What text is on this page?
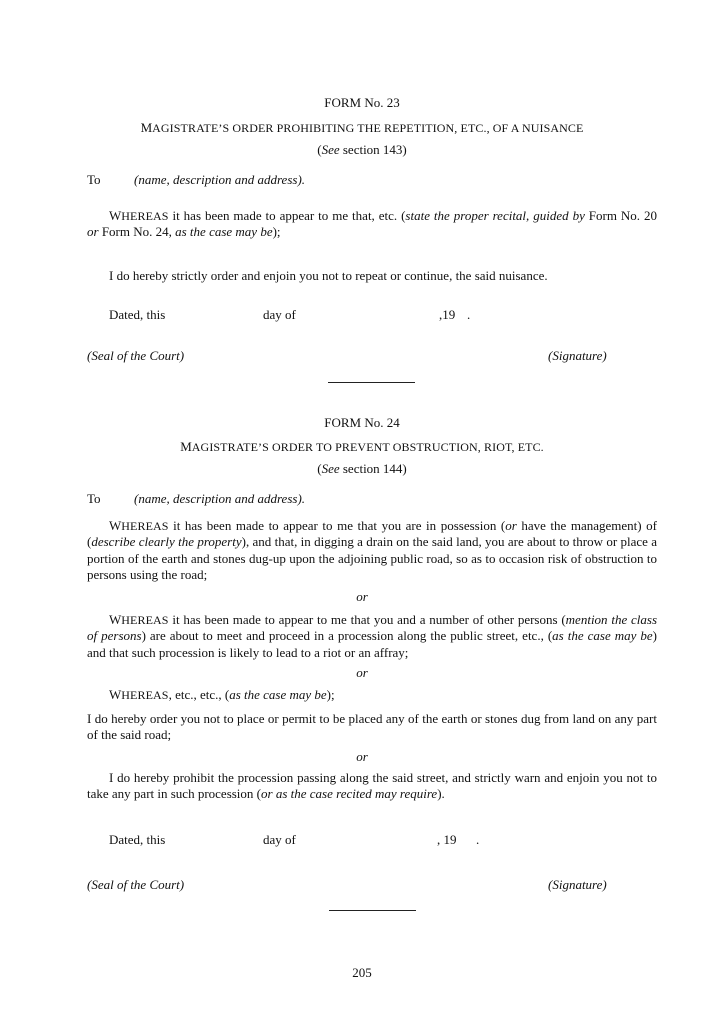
FORM No. 23
MAGISTRATE’S ORDER PROHIBITING THE REPETITION, ETC., OF A NUISANCE
(See section 143)
To	(name, description and address).
WHEREAS it has been made to appear to me that, etc. (state the proper recital, guided by Form No. 20 or Form No. 24, as the case may be);
I do hereby strictly order and enjoin you not to repeat or continue, the said nuisance.
Dated, this	day of	,19 .
(Seal of the Court)	(Signature)
FORM No. 24
MAGISTRATE’S ORDER TO PREVENT OBSTRUCTION, RIOT, ETC.
(See section 144)
To	(name, description and address).
WHEREAS it has been made to appear to me that you are in possession (or have the management) of (describe clearly the property), and that, in digging a drain on the said land, you are about to throw or place a portion of the earth and stones dug-up upon the adjoining public road, so as to occasion risk of obstruction to persons using the road;
or
WHEREAS it has been made to appear to me that you and a number of other persons (mention the class of persons) are about to meet and proceed in a procession along the public street, etc., (as the case may be) and that such procession is likely to lead to a riot or an affray;
or
WHEREAS, etc., etc., (as the case may be);
I do hereby order you not to place or permit to be placed any of the earth or stones dug from land on any part of the said road;
or
I do hereby prohibit the procession passing along the said street, and strictly warn and enjoin you not to take any part in such procession (or as the case recited may require).
Dated, this	day of	, 19 .
(Seal of the Court)	(Signature)
205
